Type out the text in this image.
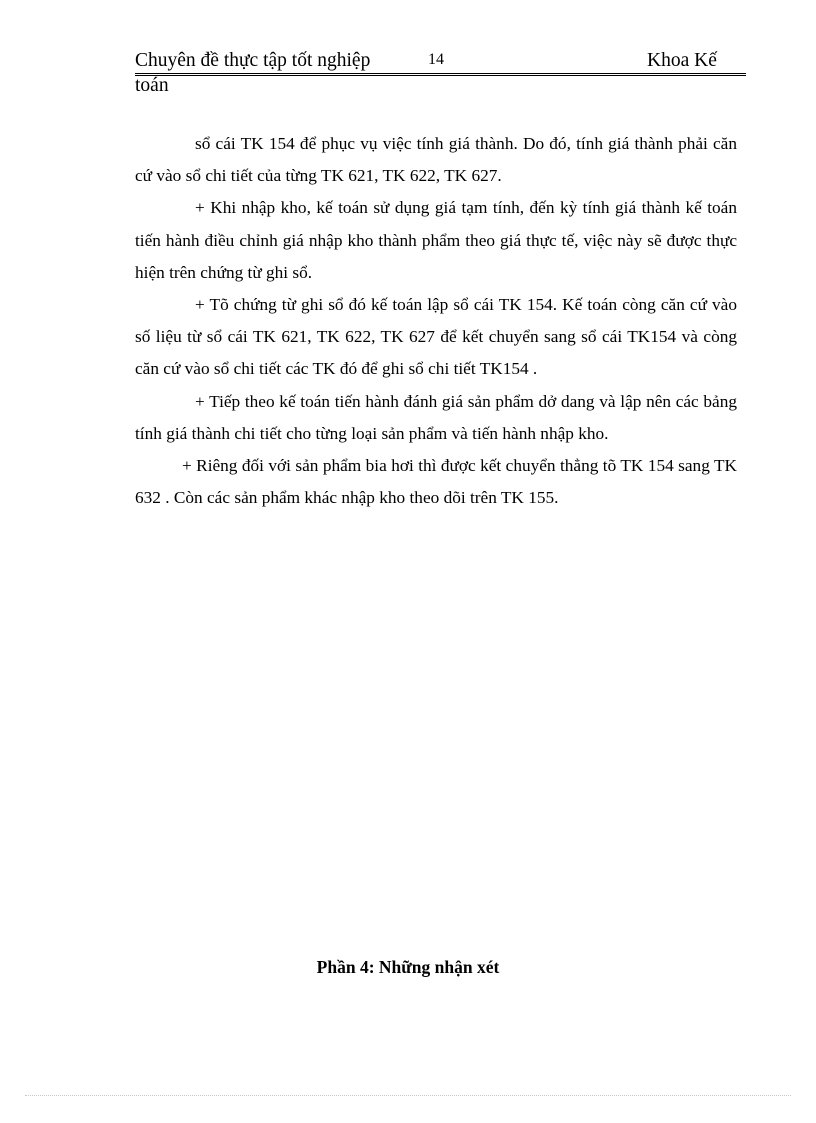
Chuyên đề thực tập tốt nghiệp	14	Khoa Kế
toán

sổ cái TK 154 để phục vụ việc tính giá thành. Do đó, tính giá thành phải căn cứ vào sổ chi tiết của từng TK 621, TK 622, TK 627.

+ Khi nhập kho, kế toán sử dụng giá tạm tính, đến kỳ tính giá thành kế toán tiến hành điều chỉnh giá nhập kho thành phẩm theo giá thực tế, việc này sẽ được thực hiện trên chứng từ ghi sổ.

+ Tõ chứng từ ghi sổ đó kế toán lập sổ cái TK 154. Kế toán còng căn cứ vào số liệu từ sổ cái TK 621, TK 622, TK 627 để kết chuyển sang sổ cái TK154 và còng căn cứ vào sổ chi tiết các TK đó để ghi sổ chi tiết TK154 .

+ Tiếp theo kế toán tiến hành đánh giá sản phẩm dở dang và lập nên các bảng tính giá thành chi tiết cho từng loại sản phẩm và tiến hành nhập kho.

+ Riêng đối với sản phẩm bia hơi thì được kết chuyển thẳng tõ TK 154 sang TK 632 . Còn các sản phẩm khác nhập kho theo dõi trên TK 155.

Phần 4: Những nhận xét
